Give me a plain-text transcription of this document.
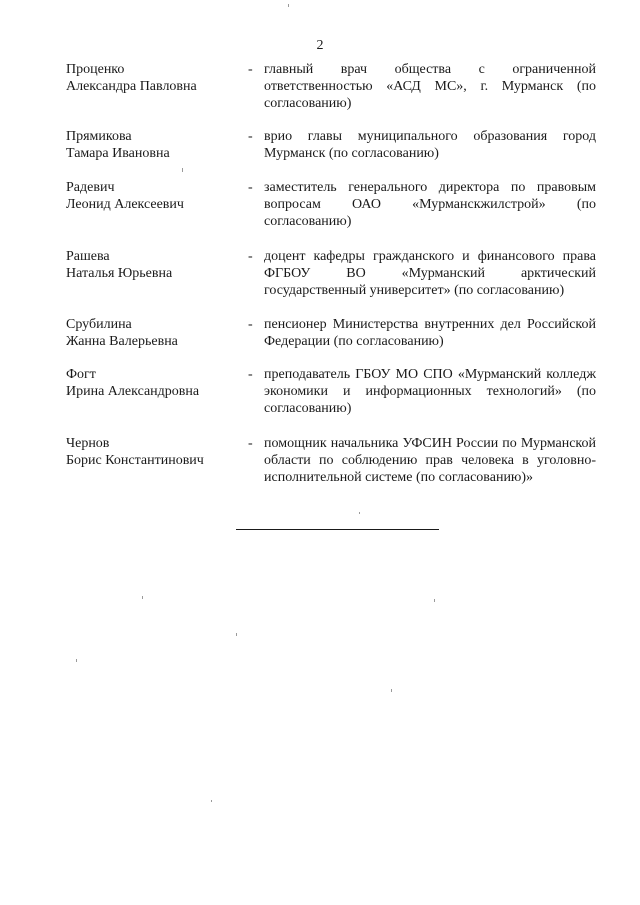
2
Проценко
Александра Павловна
- главный врач общества с ограниченной ответственностью «АСД МС», г. Мурманск (по согласованию)
Прямикова
Тамара Ивановна
- врио главы муниципального образования город Мурманск (по согласованию)
Радевич
Леонид Алексеевич
- заместитель генерального директора по правовым вопросам ОАО «Мурманскжилстрой» (по согласованию)
Рашева
Наталья Юрьевна
- доцент кафедры гражданского и финансового права ФГБОУ ВО «Мурманский арктический государственный университет» (по согласованию)
Срубилина
Жанна Валерьевна
- пенсионер Министерства внутренних дел Российской Федерации (по согласованию)
Фогт
Ирина Александровна
- преподаватель ГБОУ МО СПО «Мурманский колледж экономики и информационных технологий» (по согласованию)
Чернов
Борис Константинович
- помощник начальника УФСИН России по Мурманской области по соблюдению прав человека в уголовно-исполнительной системе (по согласованию)»
